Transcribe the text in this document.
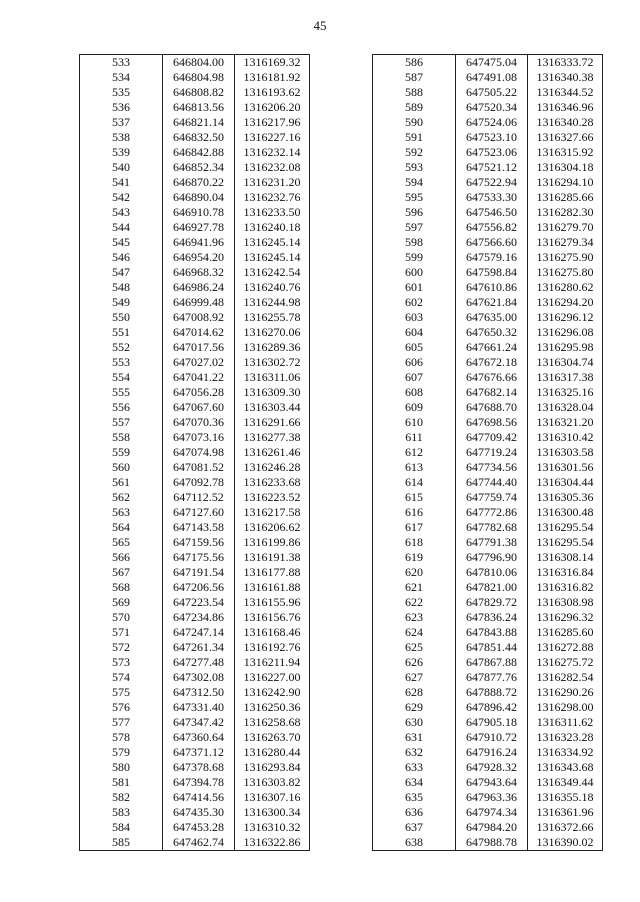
45
533	646804.00	1316169.32
534	646804.98	1316181.92
535	646808.82	1316193.62
536	646813.56	1316206.20
537	646821.14	1316217.96
538	646832.50	1316227.16
539	646842.88	1316232.14
540	646852.34	1316232.08
541	646870.22	1316231.20
542	646890.04	1316232.76
543	646910.78	1316233.50
544	646927.78	1316240.18
545	646941.96	1316245.14
546	646954.20	1316245.14
547	646968.32	1316242.54
548	646986.24	1316240.76
549	646999.48	1316244.98
550	647008.92	1316255.78
551	647014.62	1316270.06
552	647017.56	1316289.36
553	647027.02	1316302.72
554	647041.22	1316311.06
555	647056.28	1316309.30
556	647067.60	1316303.44
557	647070.36	1316291.66
558	647073.16	1316277.38
559	647074.98	1316261.46
560	647081.52	1316246.28
561	647092.78	1316233.68
562	647112.52	1316223.52
563	647127.60	1316217.58
564	647143.58	1316206.62
565	647159.56	1316199.86
566	647175.56	1316191.38
567	647191.54	1316177.88
568	647206.56	1316161.88
569	647223.54	1316155.96
570	647234.86	1316156.76
571	647247.14	1316168.46
572	647261.34	1316192.76
573	647277.48	1316211.94
574	647302.08	1316227.00
575	647312.50	1316242.90
576	647331.40	1316250.36
577	647347.42	1316258.68
578	647360.64	1316263.70
579	647371.12	1316280.44
580	647378.68	1316293.84
581	647394.78	1316303.82
582	647414.56	1316307.16
583	647435.30	1316300.34
584	647453.28	1316310.32
585	647462.74	1316322.86
586	647475.04	1316333.72
587	647491.08	1316340.38
588	647505.22	1316344.52
589	647520.34	1316346.96
590	647524.06	1316340.28
591	647523.10	1316327.66
592	647523.06	1316315.92
593	647521.12	1316304.18
594	647522.94	1316294.10
595	647533.30	1316285.66
596	647546.50	1316282.30
597	647556.82	1316279.70
598	647566.60	1316279.34
599	647579.16	1316275.90
600	647598.84	1316275.80
601	647610.86	1316280.62
602	647621.84	1316294.20
603	647635.00	1316296.12
604	647650.32	1316296.08
605	647661.24	1316295.98
606	647672.18	1316304.74
607	647676.66	1316317.38
608	647682.14	1316325.16
609	647688.70	1316328.04
610	647698.56	1316321.20
611	647709.42	1316310.42
612	647719.24	1316303.58
613	647734.56	1316301.56
614	647744.40	1316304.44
615	647759.74	1316305.36
616	647772.86	1316300.48
617	647782.68	1316295.54
618	647791.38	1316295.54
619	647796.90	1316308.14
620	647810.06	1316316.84
621	647821.00	1316316.82
622	647829.72	1316308.98
623	647836.24	1316296.32
624	647843.88	1316285.60
625	647851.44	1316272.88
626	647867.88	1316275.72
627	647877.76	1316282.54
628	647888.72	1316290.26
629	647896.42	1316298.00
630	647905.18	1316311.62
631	647910.72	1316323.28
632	647916.24	1316334.92
633	647928.32	1316343.68
634	647943.64	1316349.44
635	647963.36	1316355.18
636	647974.34	1316361.96
637	647984.20	1316372.66
638	647988.78	1316390.02
